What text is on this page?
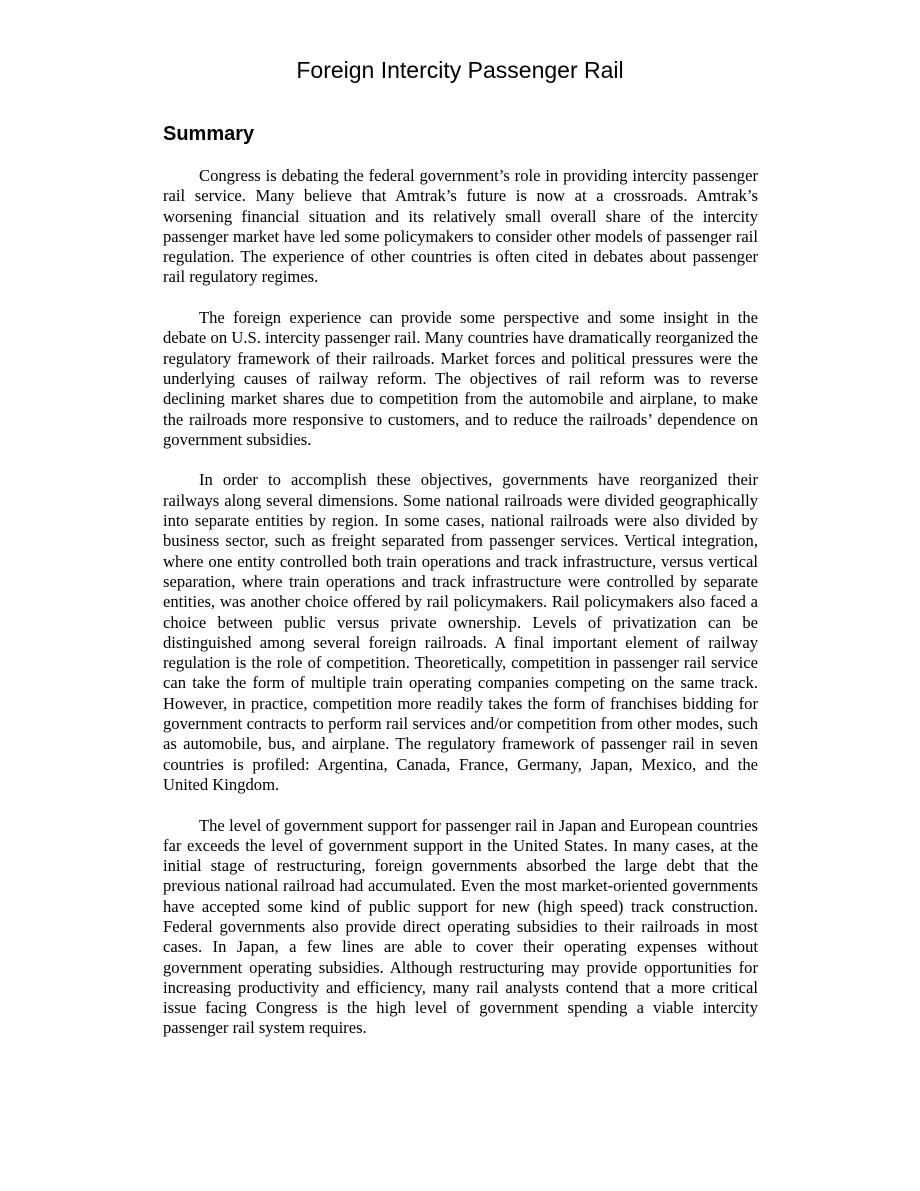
Foreign Intercity Passenger Rail
Summary

Congress is debating the federal government’s role in providing intercity passenger rail service. Many believe that Amtrak’s future is now at a crossroads. Amtrak’s worsening financial situation and its relatively small overall share of the intercity passenger market have led some policymakers to consider other models of passenger rail regulation. The experience of other countries is often cited in debates about passenger rail regulatory regimes.

The foreign experience can provide some perspective and some insight in the debate on U.S. intercity passenger rail. Many countries have dramatically reorganized the regulatory framework of their railroads. Market forces and political pressures were the underlying causes of railway reform. The objectives of rail reform was to reverse declining market shares due to competition from the automobile and airplane, to make the railroads more responsive to customers, and to reduce the railroads’ dependence on government subsidies.

In order to accomplish these objectives, governments have reorganized their railways along several dimensions. Some national railroads were divided geographically into separate entities by region. In some cases, national railroads were also divided by business sector, such as freight separated from passenger services. Vertical integration, where one entity controlled both train operations and track infrastructure, versus vertical separation, where train operations and track infrastructure were controlled by separate entities, was another choice offered by rail policymakers. Rail policymakers also faced a choice between public versus private ownership. Levels of privatization can be distinguished among several foreign railroads. A final important element of railway regulation is the role of competition. Theoretically, competition in passenger rail service can take the form of multiple train operating companies competing on the same track. However, in practice, competition more readily takes the form of franchises bidding for government contracts to perform rail services and/or competition from other modes, such as automobile, bus, and airplane. The regulatory framework of passenger rail in seven countries is profiled: Argentina, Canada, France, Germany, Japan, Mexico, and the United Kingdom.

The level of government support for passenger rail in Japan and European countries far exceeds the level of government support in the United States. In many cases, at the initial stage of restructuring, foreign governments absorbed the large debt that the previous national railroad had accumulated. Even the most market-oriented governments have accepted some kind of public support for new (high speed) track construction. Federal governments also provide direct operating subsidies to their railroads in most cases. In Japan, a few lines are able to cover their operating expenses without government operating subsidies. Although restructuring may provide opportunities for increasing productivity and efficiency, many rail analysts contend that a more critical issue facing Congress is the high level of government spending a viable intercity passenger rail system requires.
